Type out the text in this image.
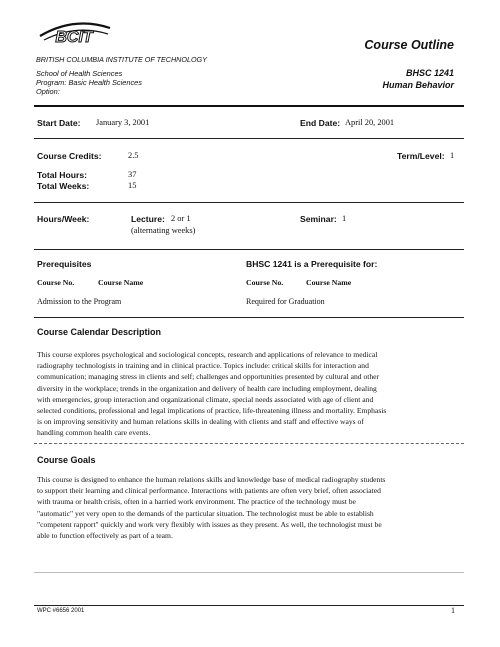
BCIT
BRITISH COLUMBIA INSTITUTE OF TECHNOLOGY
School of Health Sciences
Program: Basic Health Sciences
Option:
Course Outline
BHSC 1241
Human Behavior
Start Date: January 3, 2001	End Date: April 20, 2001
Course Credits:	2.5	Term/Level: 1
Total Hours:	37
Total Weeks:	15
Hours/Week:	Lecture: 2 or 1
(alternating weeks)
Seminar: 1
Prerequisites	BHSC 1241 is a Prerequisite for:
Course No.	Course Name	Course No.	Course Name
Admission to the Program	Required for Graduation
Course Calendar Description
This course explores psychological and sociological concepts, research and applications of relevance to medical
radiography technologists in training and in clinical practice. Topics include: critical skills for interaction and
communication; managing stress in clients and self; challenges and opportunities presented by cultural and other
diversity in the workplace; trends in the organization and delivery of health care including employment, dealing
with emergencies, group interaction and organizational climate, special needs associated with age of client and
selected conditions, professional and legal implications of practice, life-threatening illness and mortality. Emphasis
is on improving sensitivity and human relations skills in dealing with clients and staff and effective ways of
handling common health care events.
Course Goals
This course is designed to enhance the human relations skills and knowledge base of medical radiography students
to support their learning and clinical performance. Interactions with patients are often very brief, often associated
with trauma or health crisis, often in a harried work environment. The practice of the technology must be
"automatic" yet very open to the demands of the particular situation. The technologist must be able to establish
"competent rapport" quickly and work very flexibly with issues as they present. As well, the technologist must be
able to function effectively as part of a team.
WPC #6656 2001	1
